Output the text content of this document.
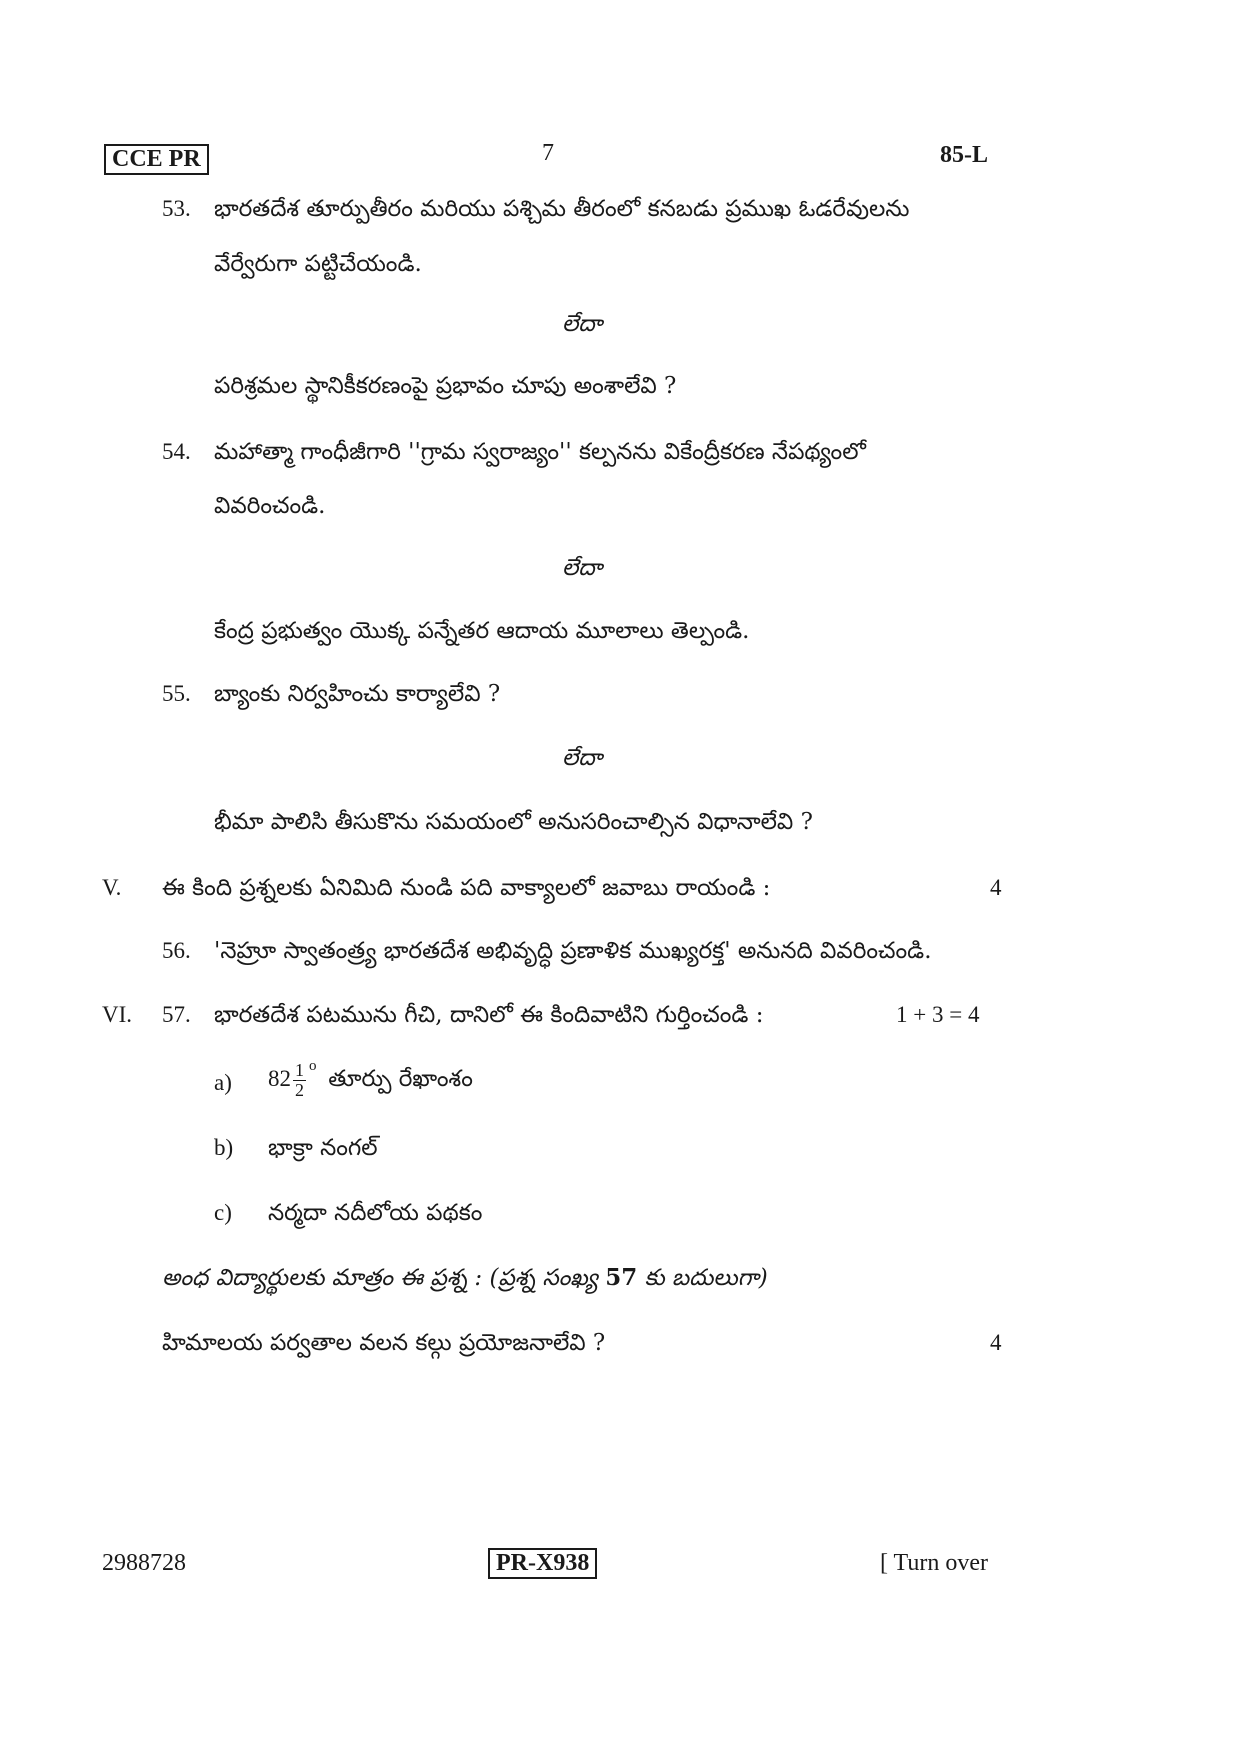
CCE PR	7	85-L
53. భారతదేశ తూర్పుతీరం మరియు పశ్చిమ తీరంలో కనబడు ప్రముఖ ఓడరేవులను
వేర్వేరుగా పట్టిచేయండి.
లేదా
పరిశ్రమల స్థానికీకరణంపై ప్రభావం చూపు అంశాలేవి ?
54. మహాత్మా గాంధీజీగారి ''గ్రామ స్వరాజ్యం'' కల్పనను వికేంద్రీకరణ నేపథ్యంలో
వివరించండి.
లేదా
కేంద్ర ప్రభుత్వం యొక్క పన్నేతర ఆదాయ మూలాలు తెల్పండి.
55. బ్యాంకు నిర్వహించు కార్యాలేవి ?
లేదా
భీమా పాలిసి తీసుకొను సమయంలో అనుసరించాల్సిన విధానాలేవి ?
V. ఈ కింది ప్రశ్నలకు ఏనిమిది నుండి పది వాక్యాలలో జవాబు రాయండి :	4
56. 'నెహ్రూ స్వాతంత్ర్య భారతదేశ అభివృద్ధి ప్రణాళిక ముఖ్యరక్త' అనునది వివరించండి.
VI. 57. భారతదేశ పటమును గీచి, దానిలో ఈ కిందివాటిని గుర్తించండి :	1 + 3 = 4
a) $82 \frac{1}{2} ^o$ తూర్పు రేఖాంశం
b) భాక్రా నంగల్
c) నర్మదా నదీలోయ పథకం
అంధ విద్యార్థులకు మాత్రం ఈ ప్రశ్న : (ప్రశ్న సంఖ్య 57 కు బదులుగా)
హిమాలయ పర్వతాల వలన కల్గు ప్రయోజనాలేవి ?	4
2988728	PR-X938	[ Turn over
